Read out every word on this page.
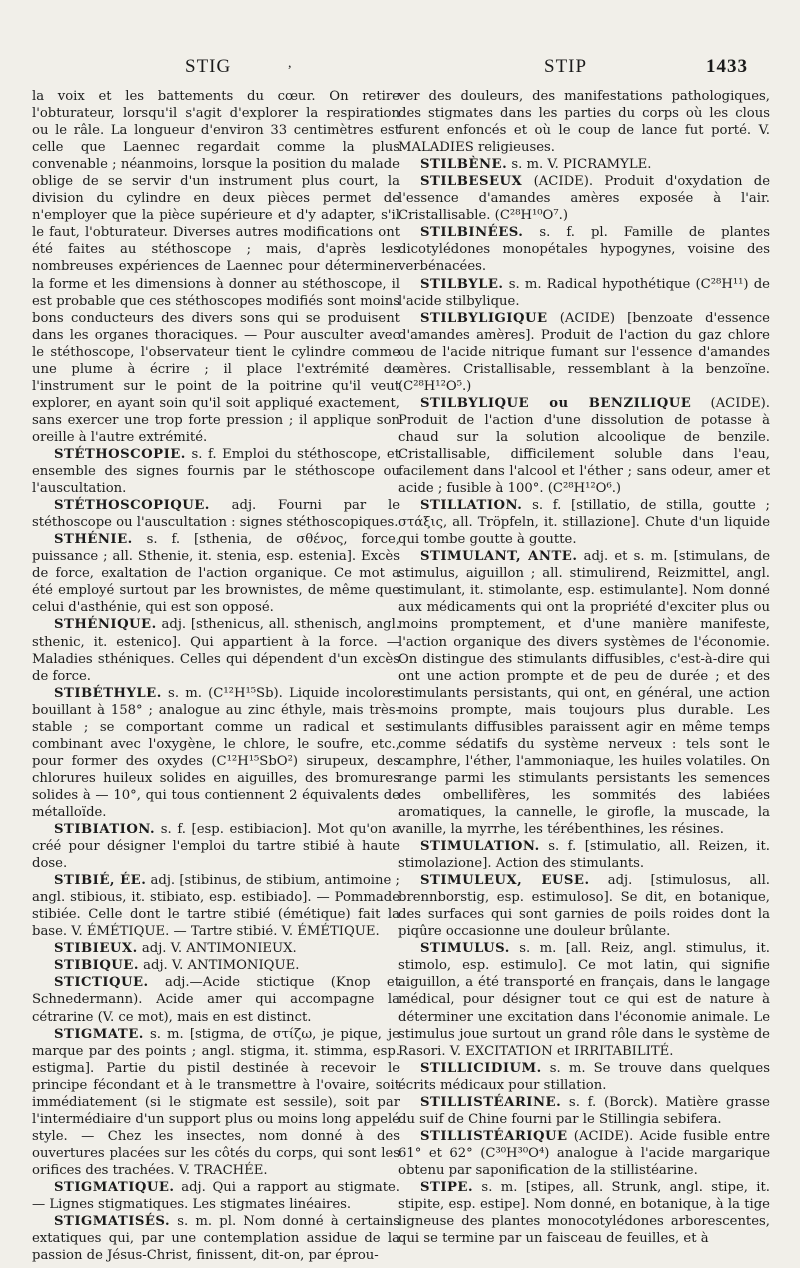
STIG	,	STIP	1433

la voix et les battements du cœur. On retire l'obturateur, lorsqu'il s'agit d'explorer la respiration ou le râle. La longueur d'environ 33 centimètres est celle que Laennec regardait comme la plus convenable ; néanmoins, lorsque la position du malade oblige de se servir d'un instrument plus court, la division du cylindre en deux pièces permet de n'employer que la pièce supérieure et d'y adapter, s'il le faut, l'obturateur. Diverses autres modifications ont été faites au stéthoscope ; mais, d'après les nombreuses expériences de Laennec pour déterminer la forme et les dimensions à donner au stéthoscope, il est probable que ces stéthoscopes modifiés sont moins bons conducteurs des divers sons qui se produisent dans les organes thoraciques. — Pour ausculter avec le stéthoscope, l'observateur tient le cylindre comme une plume à écrire ; il place l'extrémité de l'instrument sur le point de la poitrine qu'il veut explorer, en ayant soin qu'il soit appliqué exactement, sans exercer une trop forte pression ; il applique son oreille à l'autre extrémité.

STÉTHOSCOPIE. s. f. Emploi du stéthoscope, et ensemble des signes fournis par le stéthoscope ou l'auscultation.

STÉTHOSCOPIQUE. adj. Fourni par le stéthoscope ou l'auscultation : signes stéthoscopiques.

STHÉNIE. s. f. [sthenia, de σθένος, force, puissance ; all. Sthenie, it. stenia, esp. estenia]. Excès de force, exaltation de l'action organique. Ce mot a été employé surtout par les brownistes, de même que celui d'asthénie, qui est son opposé.

STHÉNIQUE. adj. [sthenicus, all. sthenisch, angl. sthenic, it. estenico]. Qui appartient à la force. —Maladies sthéniques. Celles qui dépendent d'un excès de force.

STIBÉTHYLE. s. m. (C¹²H¹⁵Sb). Liquide incolore bouillant à 158° ; analogue au zinc éthyle, mais très-stable ; se comportant comme un radical et se combinant avec l'oxygène, le chlore, le soufre, etc., pour former des oxydes (C¹²H¹⁵SbO²) sirupeux, des chlorures huileux solides en aiguilles, des bromures solides à — 10°, qui tous contiennent 2 équivalents de métalloïde.

STIBIATION. s. f. [esp. estibiacion]. Mot qu'on a créé pour désigner l'emploi du tartre stibié à haute dose.

STIBIÉ, ÉE. adj. [stibinus, de stibium, antimoine ; angl. stibious, it. stibiato, esp. estibiado]. — Pommade stibiée. Celle dont le tartre stibié (émétique) fait la base. V. ÉMÉTIQUE. — Tartre stibié. V. ÉMÉTIQUE.

STIBIEUX. adj. V. ANTIMONIEUX.

STIBIQUE. adj. V. ANTIMONIQUE.

STICTIQUE. adj.—Acide stictique (Knop et Schnedermann). Acide amer qui accompagne la cétrarine (V. ce mot), mais en est distinct.

STIGMATE. s. m. [stigma, de στίζω, je pique, je marque par des points ; angl. stigma, it. stimma, esp. estigma]. Partie du pistil destinée à recevoir le principe fécondant et à le transmettre à l'ovaire, soit immédiatement (si le stigmate est sessile), soit par l'intermédiaire d'un support plus ou moins long appelé style. — Chez les insectes, nom donné à des ouvertures placées sur les côtés du corps, qui sont les orifices des trachées. V. TRACHÉE.

STIGMATIQUE. adj. Qui a rapport au stigmate. — Lignes stigmatiques. Les stigmates linéaires.

STIGMATISÉS. s. m. pl. Nom donné à certains extatiques qui, par une contemplation assidue de la passion de Jésus-Christ, finissent, dit-on, par éprou-

ver des douleurs, des manifestations pathologiques, des stigmates dans les parties du corps où les clous furent enfoncés et où le coup de lance fut porté. V. MALADIES religieuses.

STILBÈNE. s. m. V. PICRAMYLE.

STILBESEUX (ACIDE). Produit d'oxydation de l'essence d'amandes amères exposée à l'air. Cristallisable. (C²⁸H¹⁰O⁷.)

STILBINÉES. s. f. pl. Famille de plantes dicotylédones monopétales hypogynes, voisine des verbénacées.

STILBYLE. s. m. Radical hypothétique (C²⁸H¹¹) de l'acide stilbylique.

STILBYLIGIQUE (ACIDE) [benzoate d'essence d'amandes amères]. Produit de l'action du gaz chlore ou de l'acide nitrique fumant sur l'essence d'amandes amères. Cristallisable, ressemblant à la benzoïne. (C²⁸H¹²O⁵.)

STILBYLIQUE ou BENZILIQUE (ACIDE). Produit de l'action d'une dissolution de potasse à chaud sur la solution alcoolique de benzile. Cristallisable, difficilement soluble dans l'eau, facilement dans l'alcool et l'éther ; sans odeur, amer et acide ; fusible à 100°. (C²⁸H¹²O⁶.)

STILLATION. s. f. [stillatio, de stilla, goutte ; στάξις, all. Tröpfeln, it. stillazione]. Chute d'un liquide qui tombe goutte à goutte.

STIMULANT, ANTE. adj. et s. m. [stimulans, de stimulus, aiguillon ; all. stimulirend, Reizmittel, angl. stimulant, it. stimolante, esp. estimulante]. Nom donné aux médicaments qui ont la propriété d'exciter plus ou moins promptement, et d'une manière manifeste, l'action organique des divers systèmes de l'économie. On distingue des stimulants diffusibles, c'est-à-dire qui ont une action prompte et de peu de durée ; et des stimulants persistants, qui ont, en général, une action moins prompte, mais toujours plus durable. Les stimulants diffusibles paraissent agir en même temps comme sédatifs du système nerveux : tels sont le camphre, l'éther, l'ammoniaque, les huiles volatiles. On range parmi les stimulants persistants les semences des ombellifères, les sommités des labiées aromatiques, la cannelle, le girofle, la muscade, la vanille, la myrrhe, les térébenthines, les résines.

STIMULATION. s. f. [stimulatio, all. Reizen, it. stimolazione]. Action des stimulants.

STIMULEUX, EUSE. adj. [stimulosus, all. brennborstig, esp. estimuloso]. Se dit, en botanique, des surfaces qui sont garnies de poils roides dont la piqûre occasionne une douleur brûlante.

STIMULUS. s. m. [all. Reiz, angl. stimulus, it. stimolo, esp. estimulo]. Ce mot latin, qui signifie aiguillon, a été transporté en français, dans le langage médical, pour désigner tout ce qui est de nature à déterminer une excitation dans l'économie animale. Le stimulus joue surtout un grand rôle dans le système de Rasori. V. EXCITATION et IRRITABILITÉ.

STILLICIDIUM. s. m. Se trouve dans quelques écrits médicaux pour stillation.

STILLISTÉARINE. s. f. (Borck). Matière grasse du suif de Chine fourni par le Stillingia sebifera.

STILLISTÉARIQUE (ACIDE). Acide fusible entre 61° et 62° (C³⁰H³⁰O⁴) analogue à l'acide margarique obtenu par saponification de la stillistéarine.

STIPE. s. m. [stipes, all. Strunk, angl. stipe, it. stipite, esp. estipe]. Nom donné, en botanique, à la tige ligneuse des plantes monocotylédones arborescentes, qui se termine par un faisceau de feuilles, et à
